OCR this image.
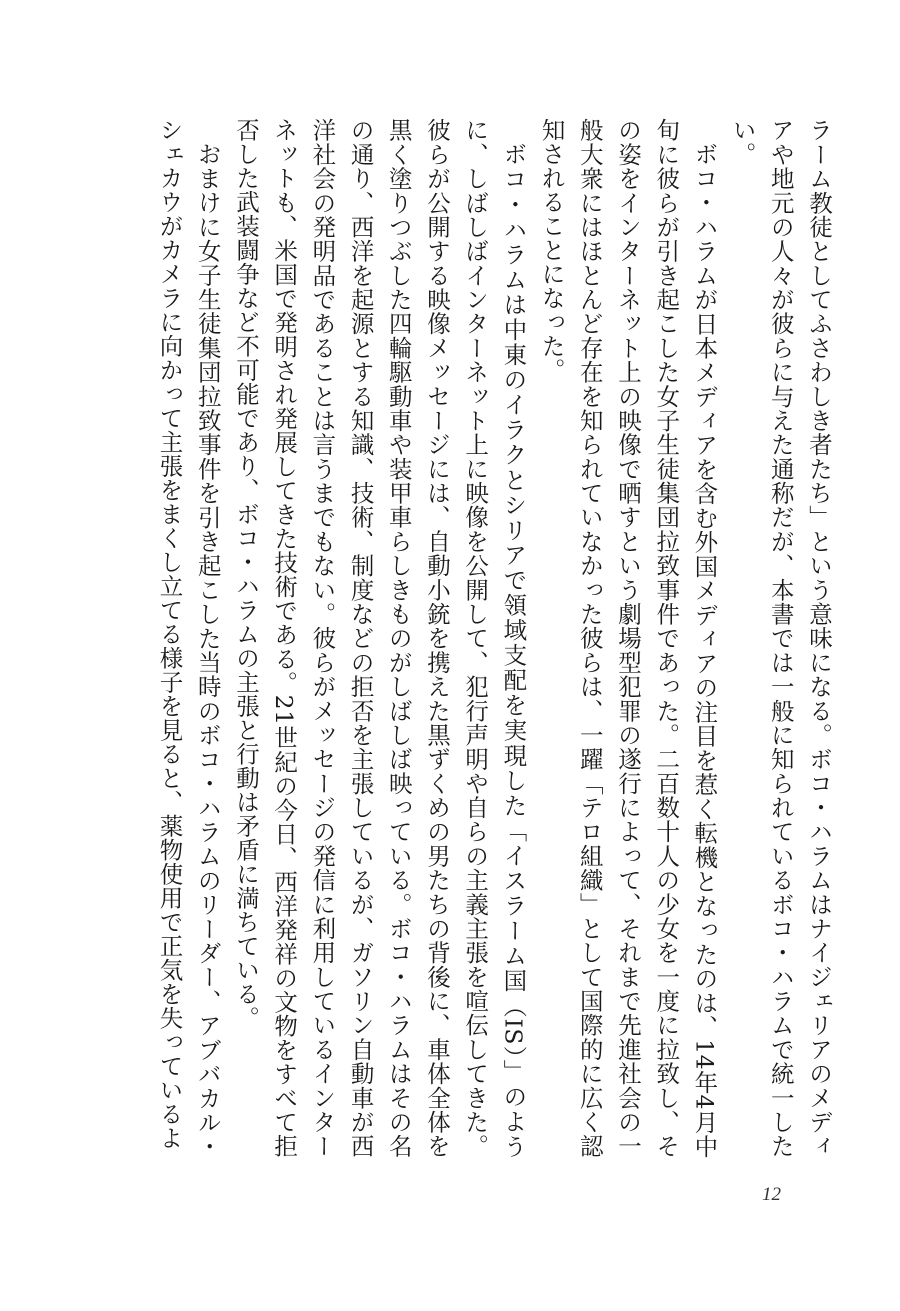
ラーム教徒としてふさわしき者たち」という意味になる。ボコ・ハラムはナイジェリアのメディアや地元の人々が彼らに与えた通称だが、本書では一般に知られているボコ・ハラムで統一したい。

ボコ・ハラムが日本メディアを含む外国メディアの注目を惹く転機となったのは、14年4月中旬に彼らが引き起こした女子生徒集団拉致事件であった。二百数十人の少女を一度に拉致し、その姿をインターネット上の映像で晒すという劇場型犯罪の遂行によって、それまで先進社会の一般大衆にはほとんど存在を知られていなかった彼らは、一躍「テロ組織」として国際的に広く認知されることになった。

ボコ・ハラムは中東のイラクとシリアで領域支配を実現した「イスラーム国（IS）」のように、しばしばインターネット上に映像を公開して、犯行声明や自らの主義主張を喧伝してきた。彼らが公開する映像メッセージには、自動小銃を携えた黒ずくめの男たちの背後に、車体全体を黒く塗りつぶした四輪駆動車や装甲車らしきものがしばしば映っている。ボコ・ハラムはその名の通り、西洋を起源とする知識、技術、制度などの拒否を主張しているが、ガソリン自動車が西洋社会の発明品であることは言うまでもない。彼らがメッセージの発信に利用しているインターネットも、米国で発明され発展してきた技術である。21世紀の今日、西洋発祥の文物をすべて拒否した武装闘争など不可能であり、ボコ・ハラムの主張と行動は矛盾に満ちている。

おまけに女子生徒集団拉致事件を引き起こした当時のボコ・ハラムのリーダー、アブバカル・シェカウがカメラに向かって主張をまくし立てる様子を見ると、薬物使用で正気を失っているよ

12
